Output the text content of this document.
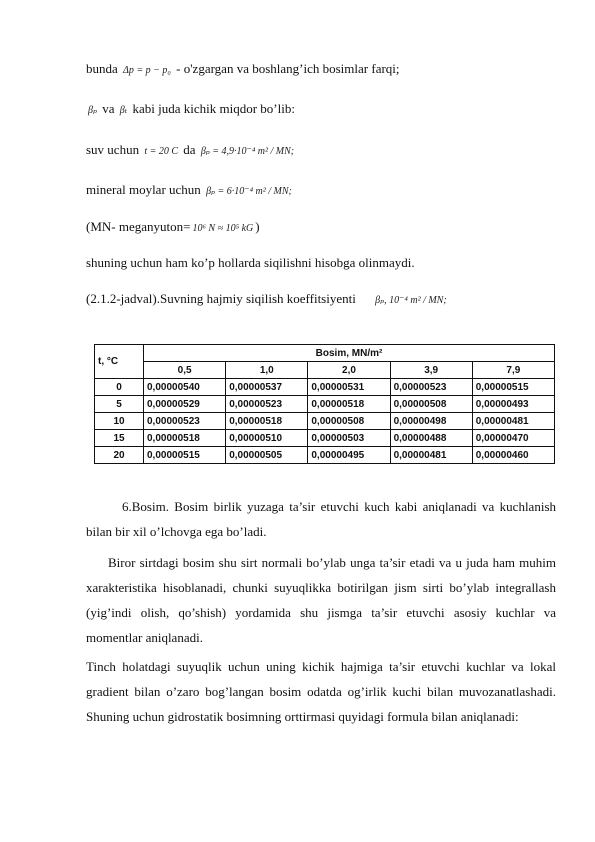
bunda Δp = p − p₀ - o'zgargan va boshlang’ich bosimlar farqi;
βₚ va βₜ kabi juda kichik miqdor bo’lib:
suv uchun t = 20 C da βₚ = 4,9·10⁻⁴ m² / MN;
mineral moylar uchun βₚ = 6·10⁻⁴ m² / MN;
(MN- meganyuton= 10⁶ N ≈ 10⁵ kG )
shuning uchun ham ko’p hollarda siqilishni hisobga olinmaydi.
(2.1.2-jadval).Suvning hajmiy siqilish koeffitsiyenti βₚ, 10⁻⁴ m² / MN;
t, °C	Bosim, MN/m²				
	0,5	1,0	2,0	3,9	7,9
0	0,00000540	0,00000537	0,00000531	0,00000523	0,00000515
5	0,00000529	0,00000523	0,00000518	0,00000508	0,00000493
10	0,00000523	0,00000518	0,00000508	0,00000498	0,00000481
15	0,00000518	0,00000510	0,00000503	0,00000488	0,00000470
20	0,00000515	0,00000505	0,00000495	0,00000481	0,00000460
6.Bosim. Bosim birlik yuzaga ta’sir etuvchi kuch kabi aniqlanadi va kuchlanish bilan bir xil o’lchovga ega bo’ladi.
Biror sirtdagi bosim shu sirt normali bo’ylab unga ta’sir etadi va u juda ham muhim xarakteristika hisoblanadi, chunki suyuqlikka botirilgan jism sirti bo’ylab integrallash (yig’indi olish, qo’shish) yordamida shu jismga ta’sir etuvchi asosiy kuchlar va momentlar aniqlanadi.
Tinch holatdagi suyuqlik uchun uning kichik hajmiga ta’sir etuvchi kuchlar va lokal gradient bilan o’zaro bog’langan bosim odatda og’irlik kuchi bilan muvozanatlashadi. Shuning uchun gidrostatik bosimning orttirmasi quyidagi formula bilan aniqlanadi:
